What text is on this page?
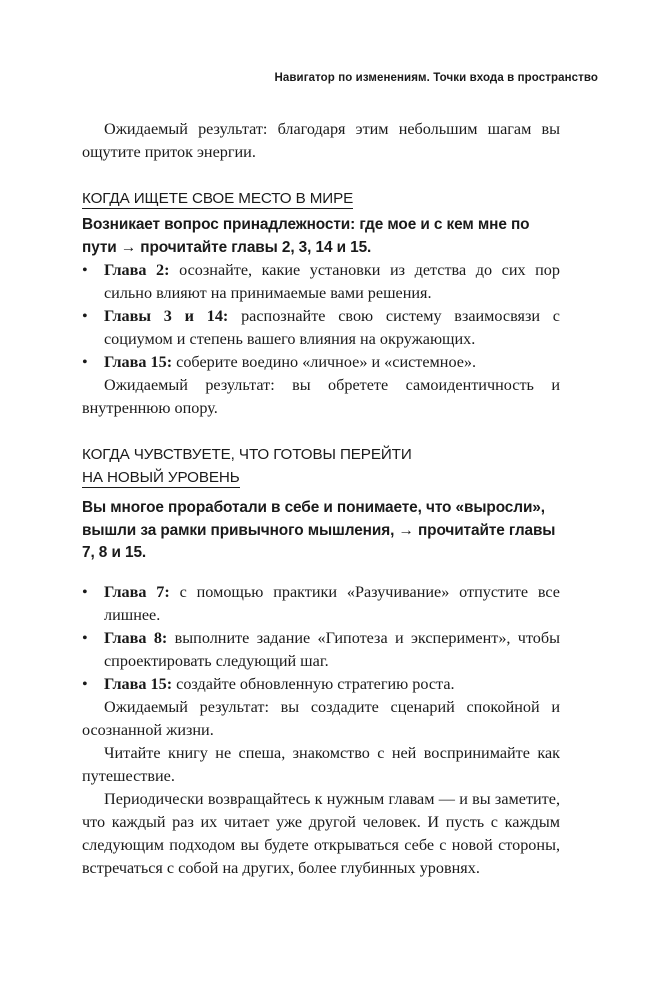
Навигатор по изменениям. Точки входа в пространство

Ожидаемый результат: благодаря этим небольшим шагам вы ощутите приток энергии.

КОГДА ИЩЕТЕ СВОЕ МЕСТО В МИРЕ

Возникает вопрос принадлежности: где мое и с кем мне по пути → прочитайте главы 2, 3, 14 и 15.

• Глава 2: осознайте, какие установки из детства до сих пор сильно влияют на принимаемые вами решения.
• Главы 3 и 14: распознайте свою систему взаимосвязи с социумом и степень вашего влияния на окружающих.
• Глава 15: соберите воедино «личное» и «системное».

Ожидаемый результат: вы обретете самоидентичность и внутреннюю опору.

КОГДА ЧУВСТВУЕТЕ, ЧТО ГОТОВЫ ПЕРЕЙТИ
НА НОВЫЙ УРОВЕНЬ

Вы многое проработали в себе и понимаете, что «выросли», вышли за рамки привычного мышления, → прочитайте главы 7, 8 и 15.

• Глава 7: с помощью практики «Разучивание» отпустите все лишнее.
• Глава 8: выполните задание «Гипотеза и эксперимент», чтобы спроектировать следующий шаг.
• Глава 15: создайте обновленную стратегию роста.

Ожидаемый результат: вы создадите сценарий спокойной и осознанной жизни.

Читайте книгу не спеша, знакомство с ней воспринимайте как путешествие.

Периодически возвращайтесь к нужным главам — и вы заметите, что каждый раз их читает уже другой человек. И пусть с каждым следующим подходом вы будете открываться себе с новой стороны, встречаться с собой на других, более глубинных уровнях.
